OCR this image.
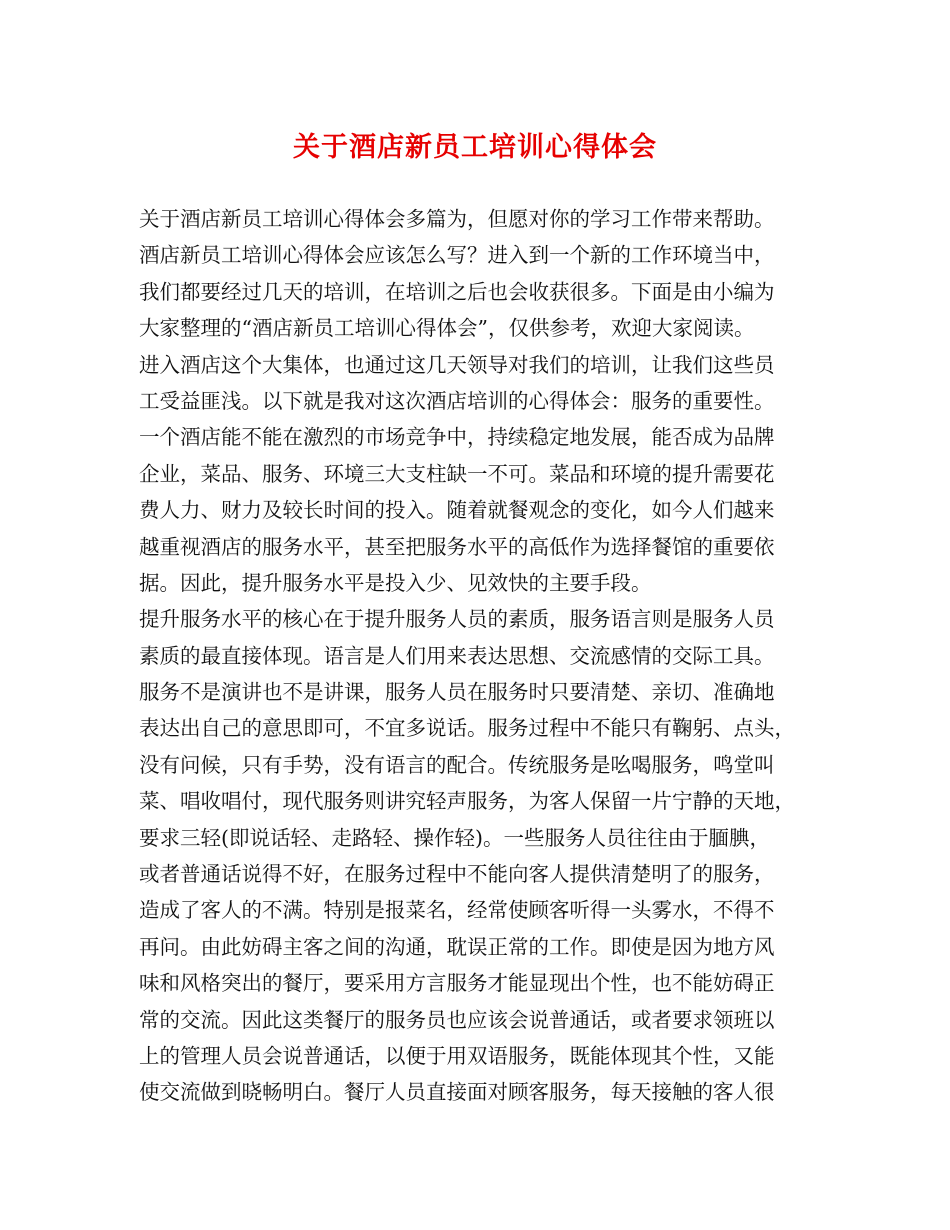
关于酒店新员工培训心得体会
关于酒店新员工培训心得体会多篇为，但愿对你的学习工作带来帮助。
酒店新员工培训心得体会应该怎么写？进入到一个新的工作环境当中，
我们都要经过几天的培训，在培训之后也会收获很多。下面是由小编为
大家整理的“酒店新员工培训心得体会”，仅供参考，欢迎大家阅读。
进入酒店这个大集体，也通过这几天领导对我们的培训，让我们这些员
工受益匪浅。以下就是我对这次酒店培训的心得体会：服务的重要性。
一个酒店能不能在激烈的市场竞争中，持续稳定地发展，能否成为品牌
企业，菜品、服务、环境三大支柱缺一不可。菜品和环境的提升需要花
费人力、财力及较长时间的投入。随着就餐观念的变化，如今人们越来
越重视酒店的服务水平，甚至把服务水平的高低作为选择餐馆的重要依
据。因此，提升服务水平是投入少、见效快的主要手段。
提升服务水平的核心在于提升服务人员的素质，服务语言则是服务人员
素质的最直接体现。语言是人们用来表达思想、交流感情的交际工具。
服务不是演讲也不是讲课，服务人员在服务时只要清楚、亲切、准确地
表达出自己的意思即可，不宜多说话。服务过程中不能只有鞠躬、点头，
没有问候，只有手势，没有语言的配合。传统服务是吆喝服务，鸣堂叫
菜、唱收唱付，现代服务则讲究轻声服务，为客人保留一片宁静的天地，
要求三轻(即说话轻、走路轻、操作轻)。一些服务人员往往由于腼腆，
或者普通话说得不好，在服务过程中不能向客人提供清楚明了的服务，
造成了客人的不满。特别是报菜名，经常使顾客听得一头雾水，不得不
再问。由此妨碍主客之间的沟通，耽误正常的工作。即使是因为地方风
味和风格突出的餐厅，要采用方言服务才能显现出个性，也不能妨碍正
常的交流。因此这类餐厅的服务员也应该会说普通话，或者要求领班以
上的管理人员会说普通话，以便于用双语服务，既能体现其个性，又能
使交流做到晓畅明白。餐厅人员直接面对顾客服务，每天接触的客人很
